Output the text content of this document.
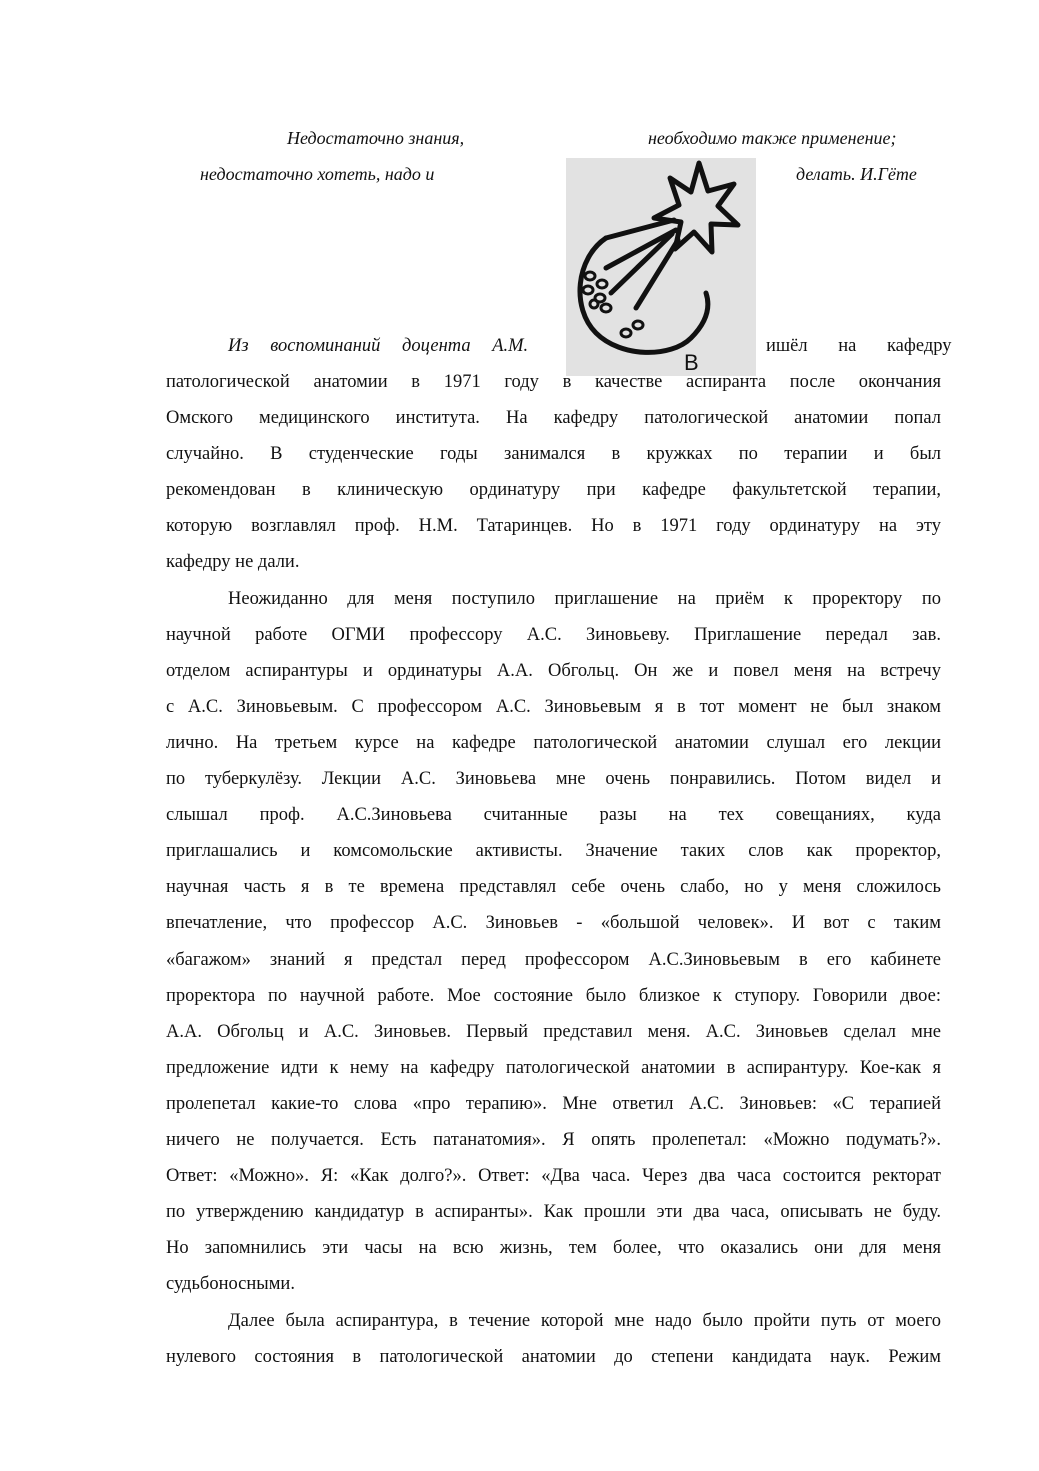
Недостаточно знания,	необходимо также применение;
недостаточно хотеть, надо и	делать. И.Гёте
В
Из воспоминаний доцента А.М.	ишёл на кафедру
патологической анатомии в 1971 году в качестве аспиранта после окончания
Омского медицинского института. На кафедру патологической анатомии попал
случайно. В студенческие годы занимался в кружках по терапии и был
рекомендован в клиническую ординатуру при кафедре факультетской терапии,
которую возглавлял проф. Н.М. Татаринцев. Но в 1971 году ординатуру на эту
кафедру не дали.
Неожиданно для меня поступило приглашение на приём к проректору по
научной работе ОГМИ профессору А.С. Зиновьеву. Приглашение передал зав.
отделом аспирантуры и ординатуры А.А. Обгольц. Он же и повел меня на встречу
с А.С. Зиновьевым. С профессором А.С. Зиновьевым я в тот момент не был знаком
лично. На третьем курсе на кафедре патологической анатомии слушал его лекции
по туберкулёзу. Лекции А.С. Зиновьева мне очень понравились. Потом видел и
слышал проф. А.С.Зиновьева считанные разы на тех совещаниях, куда
приглашались и комсомольские активисты. Значение таких слов как проректор,
научная часть я в те времена представлял себе очень слабо, но у меня сложилось
впечатление, что профессор А.С. Зиновьев - «большой человек». И вот с таким
«багажом» знаний я предстал перед профессором А.С.Зиновьевым в его кабинете
проректора по научной работе. Мое состояние было близкое к ступору. Говорили двое:
А.А. Обгольц и А.С. Зиновьев. Первый представил меня. А.С. Зиновьев сделал мне
предложение идти к нему на кафедру патологической анатомии в аспирантуру. Кое-как я
пролепетал какие-то слова «про терапию». Мне ответил А.С. Зиновьев: «С терапией
ничего не получается. Есть патанатомия». Я опять пролепетал: «Можно подумать?».
Ответ: «Можно». Я: «Как долго?». Ответ: «Два часа. Через два часа состоится ректорат
по утверждению кандидатур в аспиранты». Как прошли эти два часа, описывать не буду.
Но запомнились эти часы на всю жизнь, тем более, что оказались они для меня
судьбоносными.
Далее была аспирантура, в течение которой мне надо было пройти путь от моего
нулевого состояния в патологической анатомии до степени кандидата наук. Режим
